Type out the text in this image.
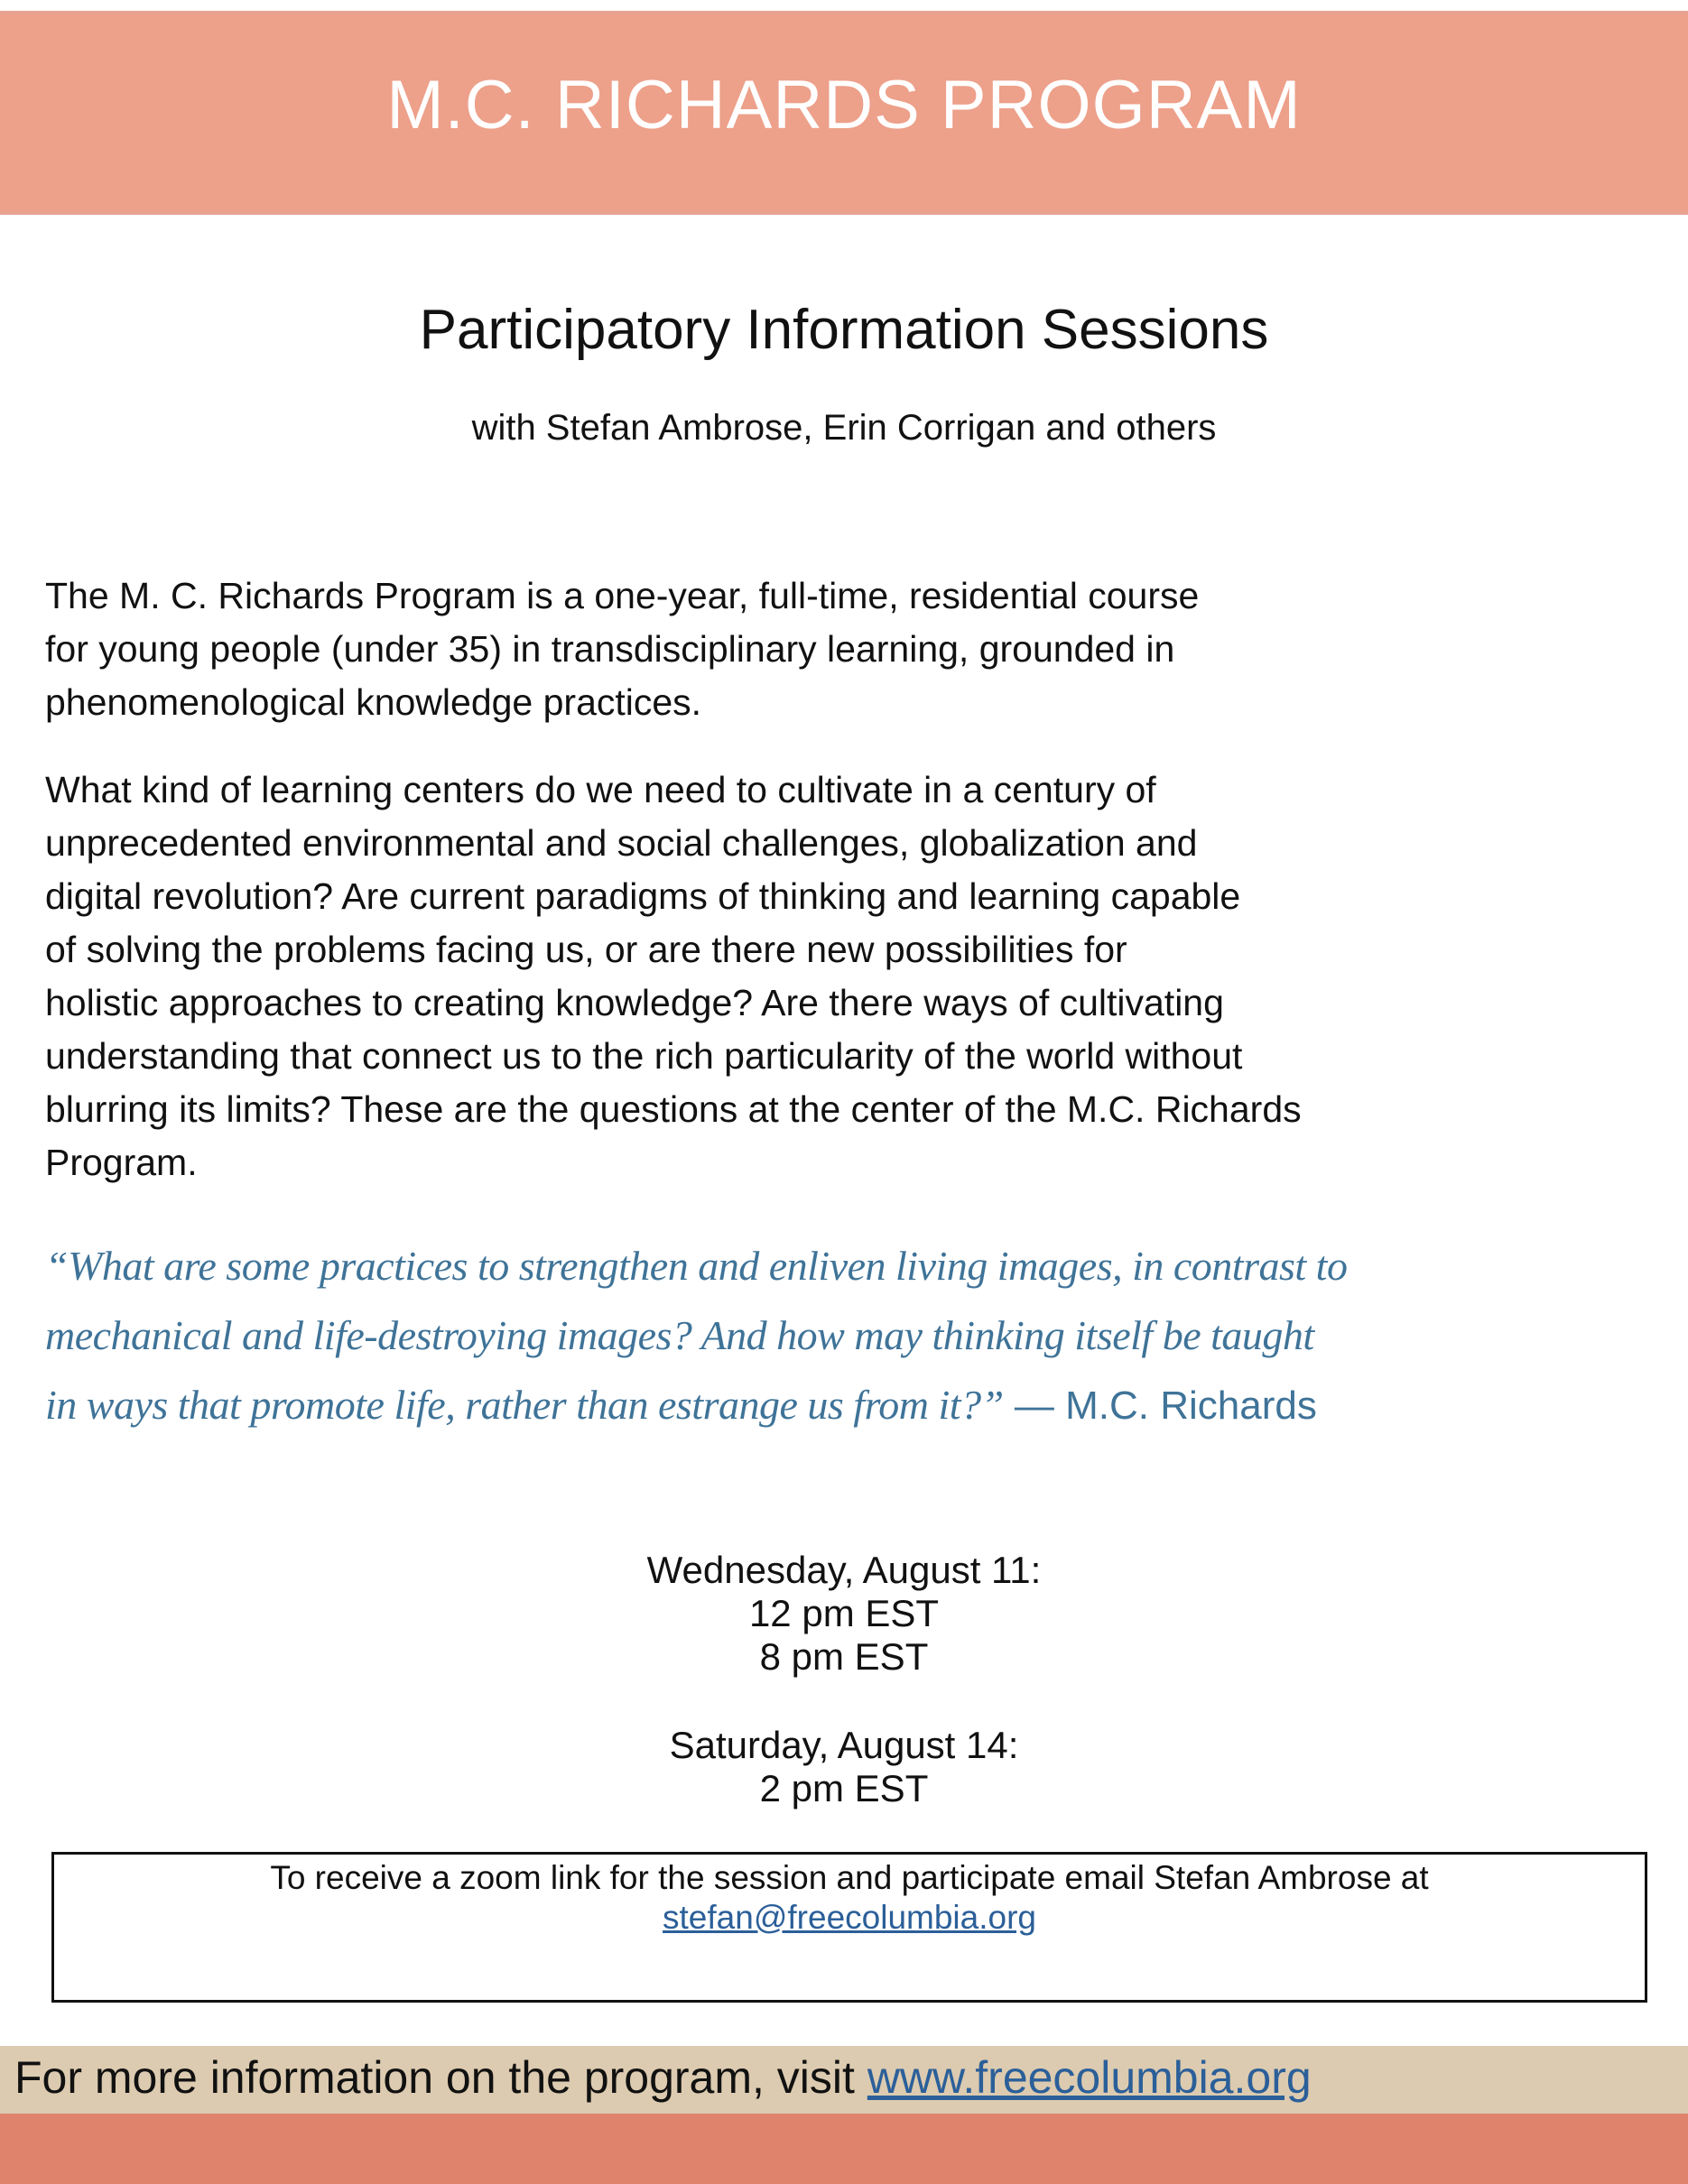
M.C. RICHARDS PROGRAM
Participatory Information Sessions
with Stefan Ambrose, Erin Corrigan and others
The M. C. Richards Program is a one-year, full-time, residential course
for young people (under 35) in transdisciplinary learning, grounded in
phenomenological knowledge practices.
What kind of learning centers do we need to cultivate in a century of
unprecedented environmental and social challenges, globalization and
digital revolution? Are current paradigms of thinking and learning capable
of solving the problems facing us, or are there new possibilities for
holistic approaches to creating knowledge? Are there ways of cultivating
understanding that connect us to the rich particularity of the world without
blurring its limits? These are the questions at the center of the M.C. Richards
Program.
“What are some practices to strengthen and enliven living images, in contrast to
mechanical and life-destroying images? And how may thinking itself be taught
in ways that promote life, rather than estrange us from it?” — M.C. Richards
Wednesday, August 11:
12 pm EST
8 pm EST
Saturday, August 14:
2 pm EST
To receive a zoom link for the session and participate email Stefan Ambrose at
stefan@freecolumbia.org
For more information on the program, visit www.freecolumbia.org
